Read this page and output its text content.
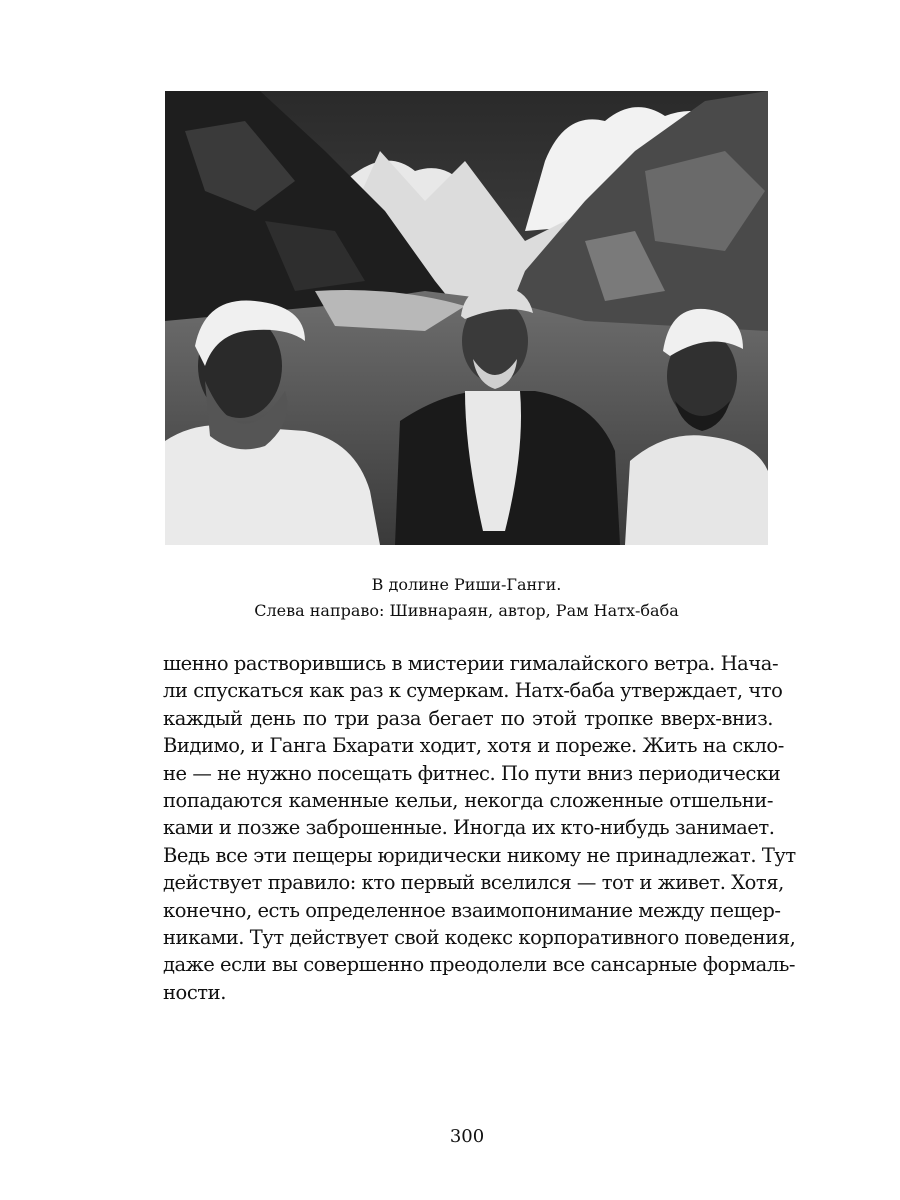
В долине Риши-Ганги.
Слева направо: Шивнараян, автор, Рам Натх-баба
шенно растворившись в мистерии гималайского ветра. Нача-
ли спускаться как раз к сумеркам. Натх-баба утверждает, что
каждый день по три раза бегает по этой тропке вверх-вниз.
Видимо, и Ганга Бхарати ходит, хотя и пореже. Жить на скло-
не — не нужно посещать фитнес. По пути вниз периодически
попадаются каменные кельи, некогда сложенные отшельни-
ками и позже заброшенные. Иногда их кто-нибудь занимает.
Ведь все эти пещеры юридически никому не принадлежат. Тут
действует правило: кто первый вселился — тот и живет. Хотя,
конечно, есть определенное взаимопонимание между пещер-
никами. Тут действует свой кодекс корпоративного поведения,
даже если вы совершенно преодолели все сансарные формаль-
ности.
300
